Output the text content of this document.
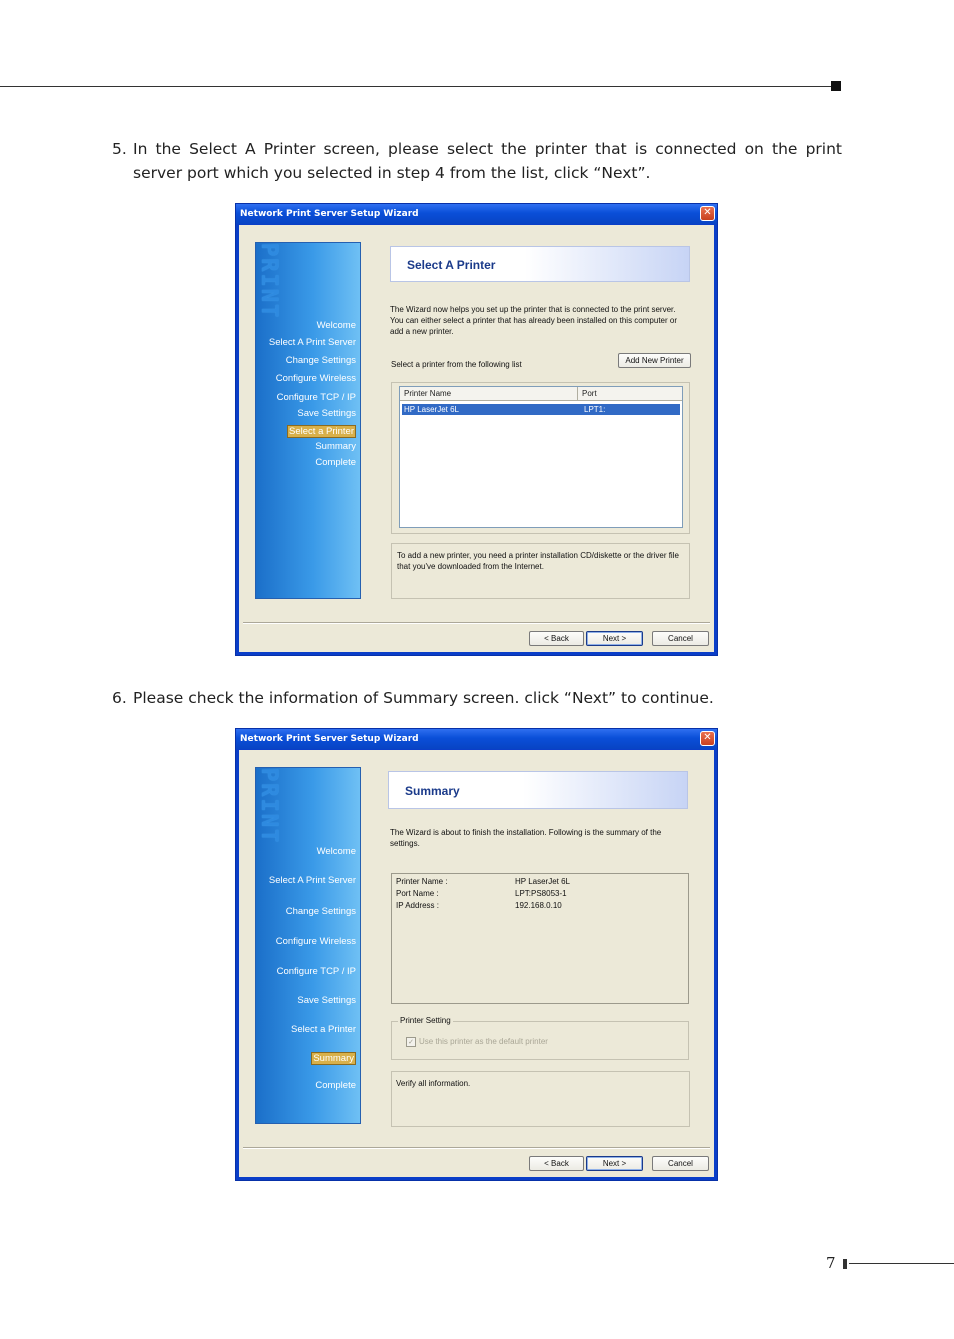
5. In the Select A Printer screen, please select the printer that is connected on the print server port which you selected in step 4 from the list, click “Next”.
Network Print Server Setup Wizard	✕
PRINT
Welcome
Select A Print Server
Change Settings
Configure Wireless
Configure TCP / IP
Save Settings
Select a Printer
Summary
Complete
Select A Printer
The Wizard now helps you set up the printer that is connected to the print server. You can either select a printer that has already been installed on this computer or add a new printer.
Select a printer from the following list	Add New Printer
Printer Name	Port
HP LaserJet 6L	LPT1:
To add a new printer, you need a printer installation CD/diskette or the driver file that you've downloaded from the Internet.
< Back	Next >	Cancel
6. Please check the information of Summary screen. click “Next” to continue.
Network Print Server Setup Wizard	✕
PRINT
Welcome
Select A Print Server
Change Settings
Configure Wireless
Configure TCP / IP
Save Settings
Select a Printer
Summary
Complete
Summary
The Wizard is about to finish the installation. Following is the summary of the settings.
Printer Name :	HP LaserJet 6L
Port Name :	LPT:PS8053-1
IP Address :	192.168.0.10
Printer Setting
✓ Use this printer as the default printer
Verify all information.
< Back	Next >	Cancel
7
